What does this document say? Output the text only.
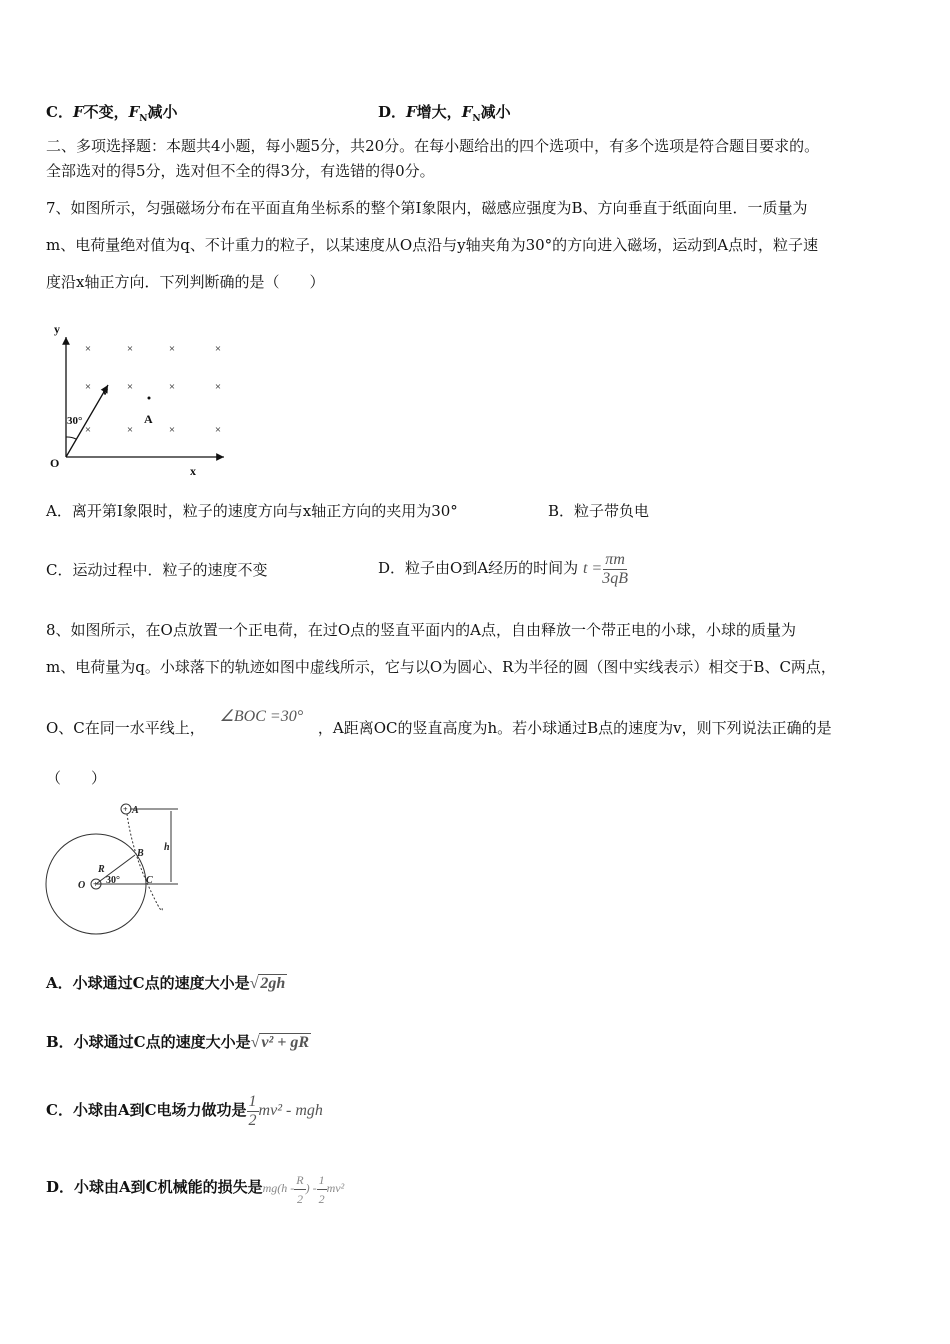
C．F不变，$F_N$减小	D．F增大，$F_N$减小
二、多项选择题：本题共4小题，每小题5分，共20分。在每小题给出的四个选项中，有多个选项是符合题目要求的。
全部选对的得5分，选对但不全的得3分，有选错的得0分。
7、如图所示，匀强磁场分布在平面直角坐标系的整个第Ⅰ象限内，磁感应强度为B、方向垂直于纸面向里．一质量为
m、电荷量绝对值为q、不计重力的粒子，以某速度从O点沿与y轴夹角为30°的方向进入磁场，运动到A点时，粒子速
度沿x轴正方向．下列判断确的是（　　）
y
x
O
v
A
30°
×	×	×	×
×	×	×	×
×	×	×	×
A．离开第Ⅰ象限时，粒子的速度方向与x轴正方向的夹用为30°	B．粒子带负电
C．运动过程中．粒子的速度不变	D．粒子由O到A经历的时间为 $t = \frac{\pi m}{3qB}$
8、如图所示，在O点放置一个正电荷，在过O点的竖直平面内的A点，自由释放一个带正电的小球，小球的质量为
m、电荷量为q。小球落下的轨迹如图中虚线所示，它与以O为圆心、R为半径的圆（图中实线表示）相交于B、C两点，
O、C在同一水平线上， ∠BOC =30° ，A距离OC的竖直高度为h。若小球通过B点的速度为v，则下列说法正确的是
（　　）
A
B
C
O
R
h
30°
+
+
A．小球通过C点的速度大小是√ 2gh
B．小球通过C点的速度大小是√ v² + gR
C．小球由A到C电场力做功是 $\frac{1}{2} mv^2$ - mgh
D．小球由A到C机械能的损失是$mg(h - \frac{R}{2}$ ) - $\frac{1}{2} mv^2$
